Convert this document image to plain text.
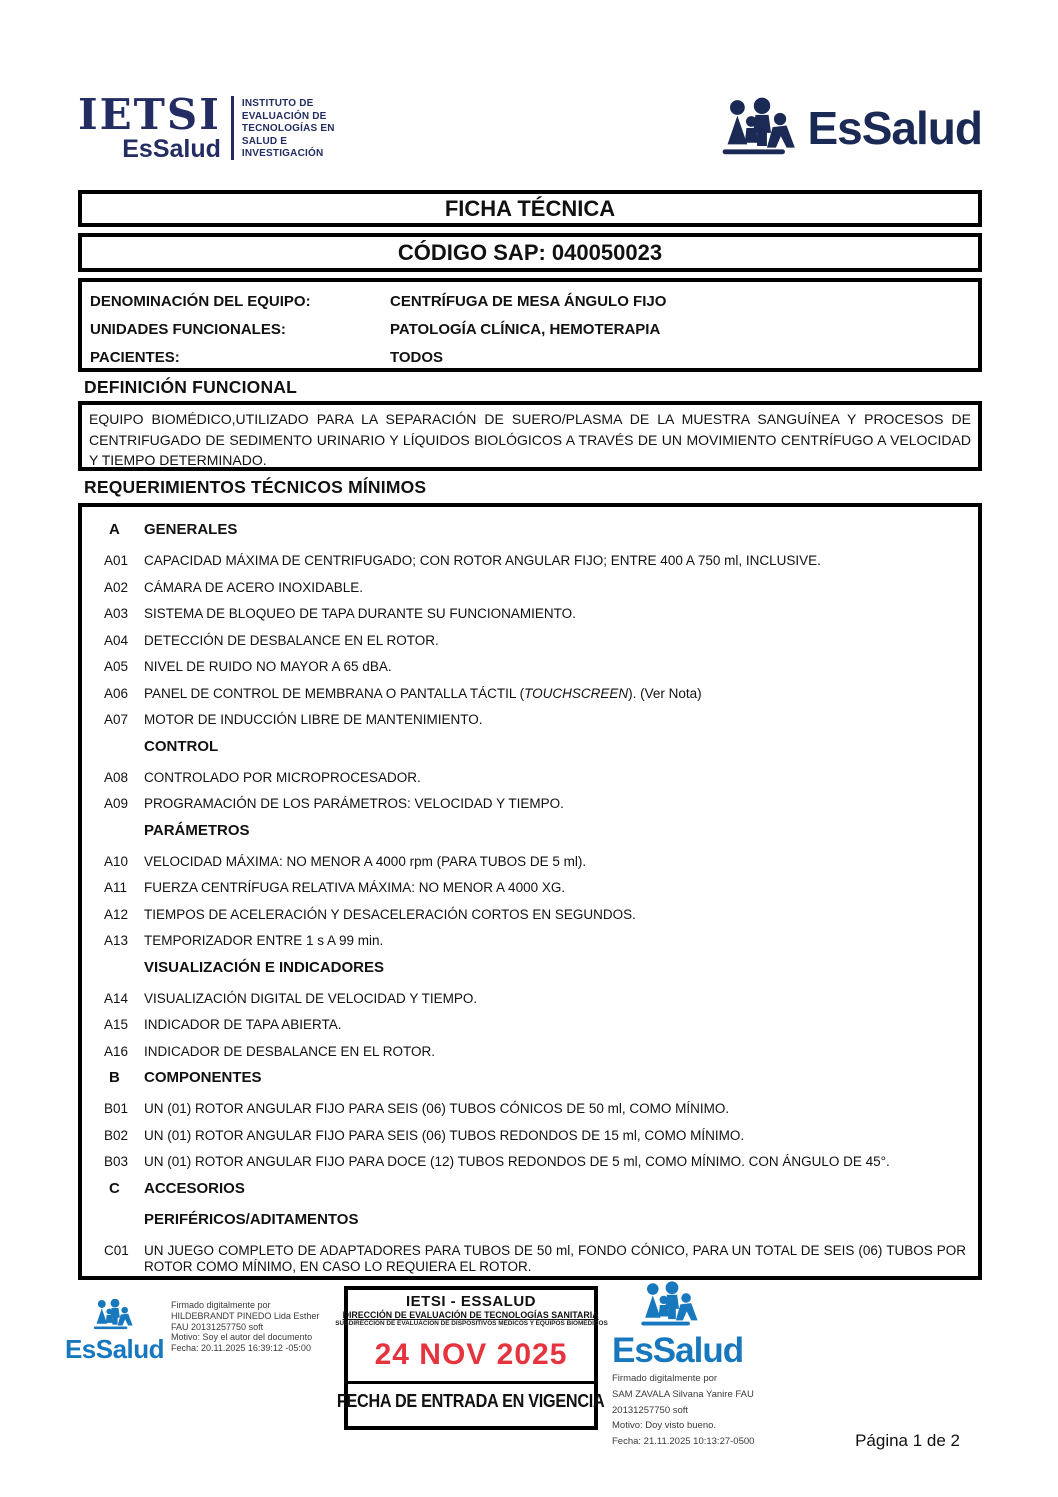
IETSI
EsSalud
INSTITUTO DE
EVALUACIÓN DE
TECNOLOGÍAS EN
SALUD E
INVESTIGACIÓN	EsSalud
FICHA TÉCNICA
CÓDIGO SAP: 040050023
DENOMINACIÓN DEL EQUIPO:	CENTRÍFUGA DE MESA ÁNGULO FIJO
UNIDADES FUNCIONALES:	PATOLOGÍA CLÍNICA, HEMOTERAPIA
PACIENTES:	TODOS
DEFINICIÓN FUNCIONAL
EQUIPO BIOMÉDICO,UTILIZADO PARA LA SEPARACIÓN DE SUERO/PLASMA DE LA MUESTRA SANGUÍNEA Y PROCESOS DE CENTRIFUGADO DE SEDIMENTO URINARIO Y LÍQUIDOS BIOLÓGICOS A TRAVÉS DE UN MOVIMIENTO CENTRÍFUGO A VELOCIDAD Y TIEMPO DETERMINADO.
REQUERIMIENTOS TÉCNICOS MÍNIMOS
A GENERALES
A01 CAPACIDAD MÁXIMA DE CENTRIFUGADO; CON ROTOR ANGULAR FIJO; ENTRE 400 A 750 ml, INCLUSIVE.
A02 CÁMARA DE ACERO INOXIDABLE.
A03 SISTEMA DE BLOQUEO DE TAPA DURANTE SU FUNCIONAMIENTO.
A04 DETECCIÓN DE DESBALANCE EN EL ROTOR.
A05 NIVEL DE RUIDO NO MAYOR A 65 dBA.
A06 PANEL DE CONTROL DE MEMBRANA O PANTALLA TÁCTIL (TOUCHSCREEN). (Ver Nota)
A07 MOTOR DE INDUCCIÓN LIBRE DE MANTENIMIENTO.
CONTROL
A08 CONTROLADO POR MICROPROCESADOR.
A09 PROGRAMACIÓN DE LOS PARÁMETROS: VELOCIDAD Y TIEMPO.
PARÁMETROS
A10 VELOCIDAD MÁXIMA: NO MENOR A 4000 rpm (PARA TUBOS DE 5 ml).
A11 FUERZA CENTRÍFUGA RELATIVA MÁXIMA: NO MENOR A 4000 XG.
A12 TIEMPOS DE ACELERACIÓN Y DESACELERACIÓN CORTOS EN SEGUNDOS.
A13 TEMPORIZADOR ENTRE 1 s A 99 min.
VISUALIZACIÓN E INDICADORES
A14 VISUALIZACIÓN DIGITAL DE VELOCIDAD Y TIEMPO.
A15 INDICADOR DE TAPA ABIERTA.
A16 INDICADOR DE DESBALANCE EN EL ROTOR.
B COMPONENTES
B01 UN (01) ROTOR ANGULAR FIJO PARA SEIS (06) TUBOS CÓNICOS DE 50 ml, COMO MÍNIMO.
B02 UN (01) ROTOR ANGULAR FIJO PARA SEIS (06) TUBOS REDONDOS DE 15 ml, COMO MÍNIMO.
B03 UN (01) ROTOR ANGULAR FIJO PARA DOCE (12) TUBOS REDONDOS DE 5 ml, COMO MÍNIMO. CON ÁNGULO DE 45°.
C ACCESORIOS
PERIFÉRICOS/ADITAMENTOS
C01 UN JUEGO COMPLETO DE ADAPTADORES PARA TUBOS DE 50 ml, FONDO CÓNICO, PARA UN TOTAL DE SEIS (06) TUBOS POR ROTOR COMO MÍNIMO, EN CASO LO REQUIERA EL ROTOR.
EsSalud
Firmado digitalmente por
HILDEBRANDT PINEDO Lida Esther
FAU 20131257750 soft
Motivo: Soy el autor del documento
Fecha: 20.11.2025 16:39:12 -05:00
IETSI - ESSALUD
DIRECCIÓN DE EVALUACIÓN DE TECNOLOGÍAS SANITARIA
SUBDIRECCIÓN DE EVALUACIÓN DE DISPOSITIVOS MÉDICOS Y EQUIPOS BIOMÉDICOS
24 NOV 2025
FECHA DE ENTRADA EN VIGENCIA
EsSalud
Firmado digitalmente por
SAM ZAVALA Silvana Yanire FAU
20131257750 soft
Motivo: Doy visto bueno.
Fecha: 21.11.2025 10:13:27-0500	Página 1 de 2
